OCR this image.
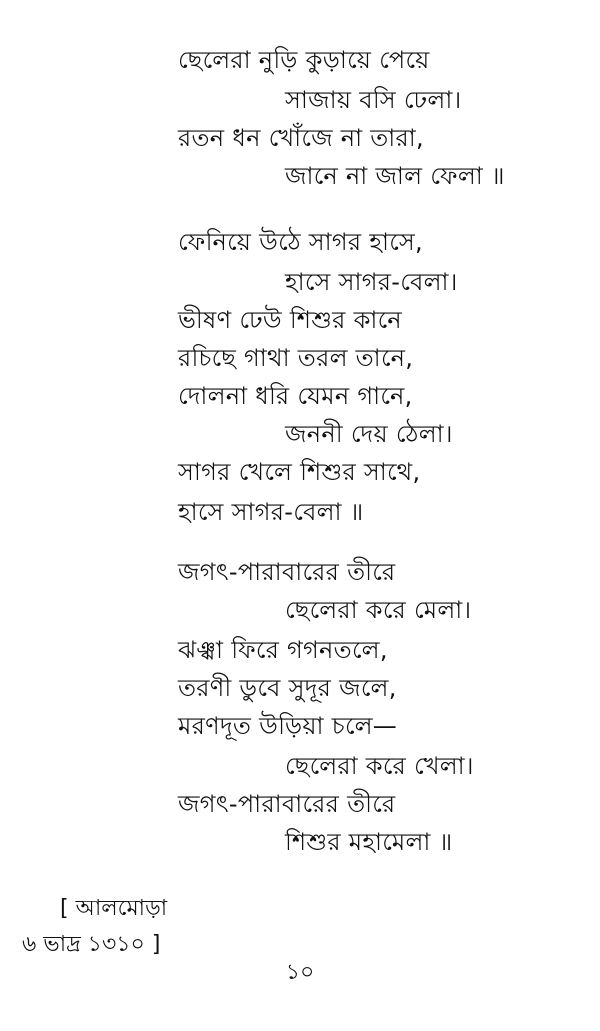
ছেলেরা নুড়ি কুড়ায়ে পেয়ে
সাজায় বসি ঢেলা।
রতন ধন খোঁজে না তারা,
জানে না জাল ফেলা ॥
ফেনিয়ে উঠে সাগর হাসে,
হাসে সাগর-বেলা।
ভীষণ ঢেউ শিশুর কানে
রচিছে গাথা তরল তানে,
দোলনা ধরি যেমন গানে,
জননী দেয় ঠেলা।
সাগর খেলে শিশুর সাথে,
হাসে সাগর-বেলা ॥
জগৎ-পারাবারের তীরে
ছেলেরা করে মেলা।
ঝঞ্ঝা ফিরে গগনতলে,
তরণী ডুবে সুদূর জলে,
মরণদূত উড়িয়া চলে—
ছেলেরা করে খেলা।
জগৎ-পারাবারের তীরে
শিশুর মহামেলা ॥
[ আলমোড়া
৬ ভাদ্র ১৩১০ ]
১০
